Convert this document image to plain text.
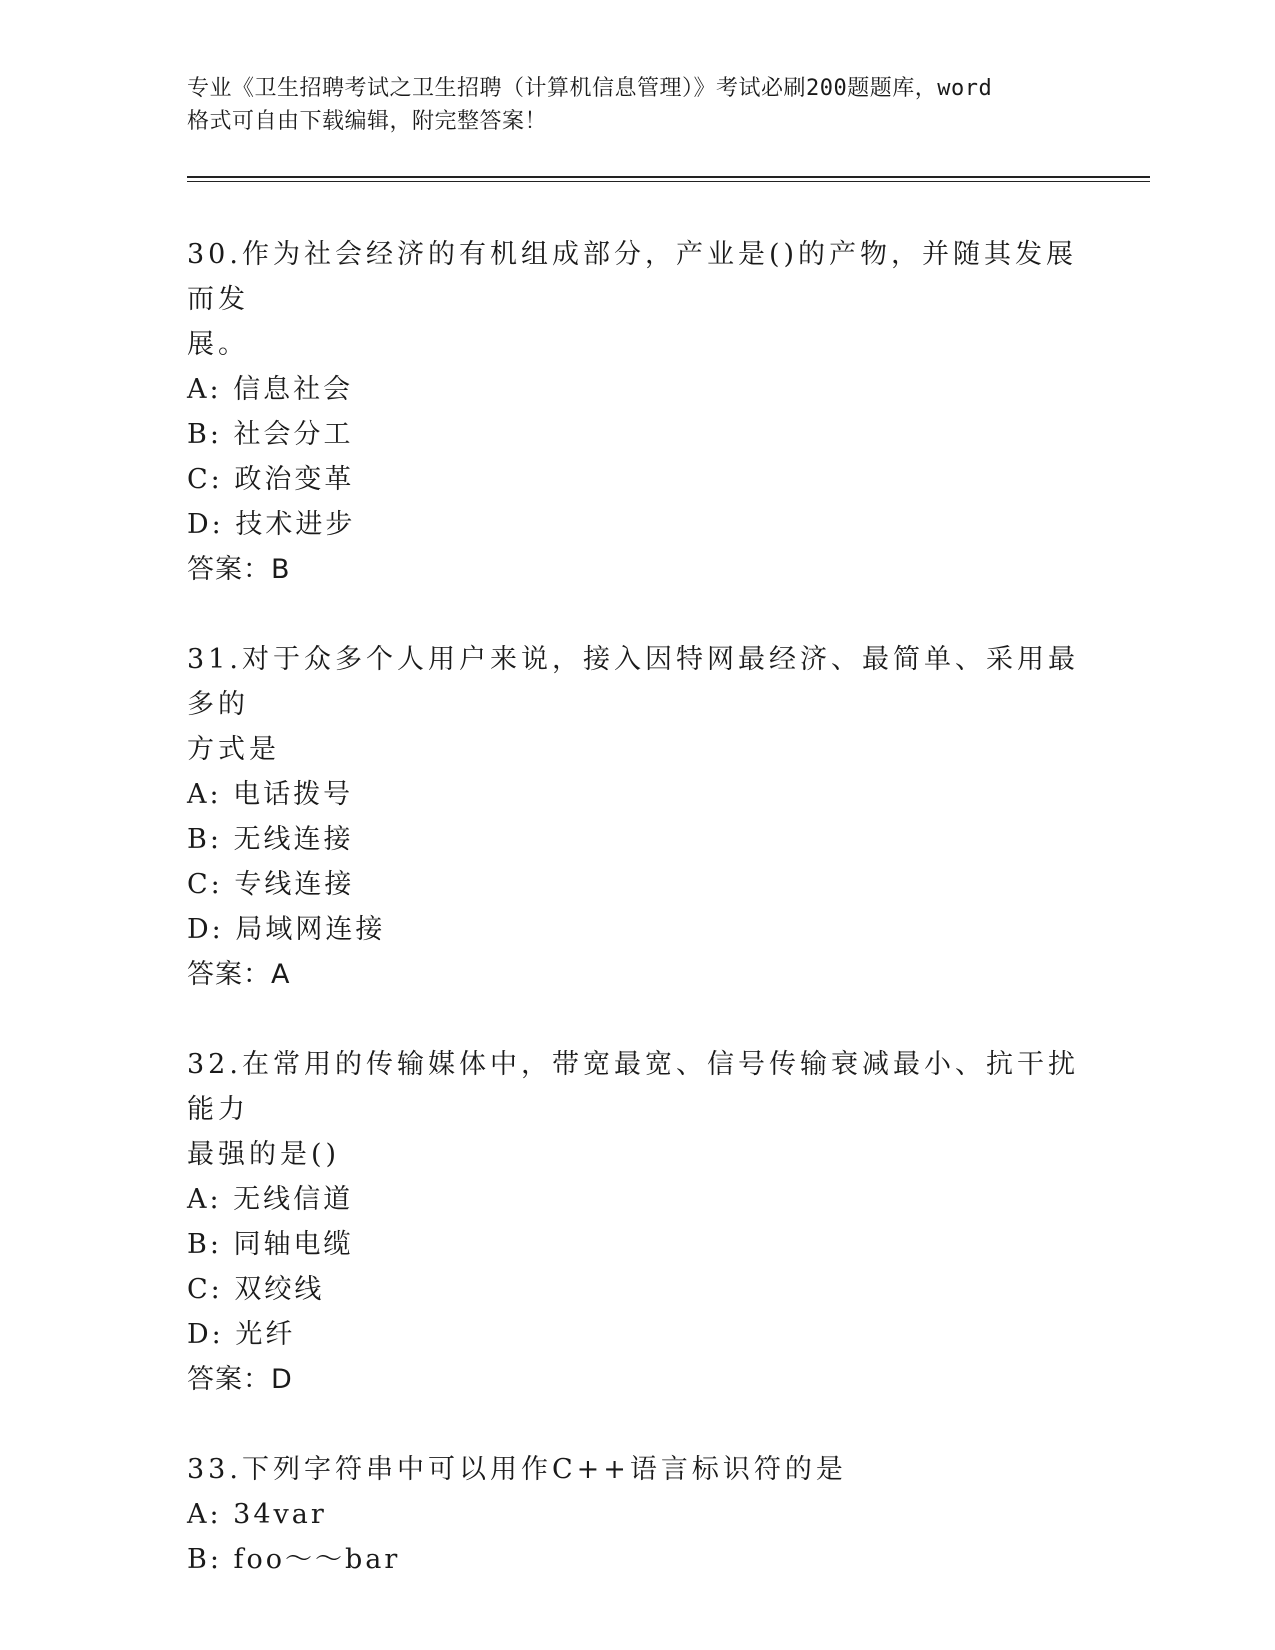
专业《卫生招聘考试之卫生招聘（计算机信息管理）》考试必刷200题题库，word
格式可自由下载编辑，附完整答案！

30.作为社会经济的有机组成部分，产业是()的产物，并随其发展而发

展。

A: 信息社会

B: 社会分工

C: 政治变革

D: 技术进步

答案：B

31.对于众多个人用户来说，接入因特网最经济、最简单、采用最多的

方式是

A: 电话拨号

B: 无线连接

C: 专线连接

D: 局域网连接

答案：A

32.在常用的传输媒体中，带宽最宽、信号传输衰减最小、抗干扰能力

最强的是()

A: 无线信道

B: 同轴电缆

C: 双绞线

D: 光纤

答案：D

33.下列字符串中可以用作C++语言标识符的是

A: 34var

B: foo～～bar
